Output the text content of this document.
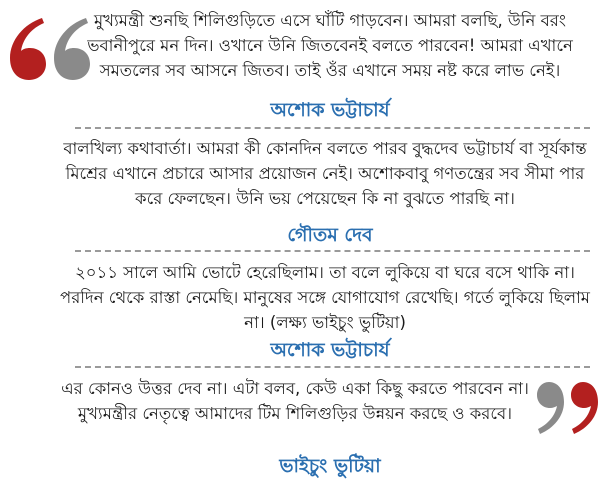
মুখ্যমন্ত্রী শুনছি শিলিগুড়িতে এসে ঘাঁটি গাড়বেন। আমরা বলছি, উনি বরং ভবানীপুরে মন দিন। ওখানে উনি জিতবেনই বলতে পারবেন! আমরা এখানে সমতলের সব আসনে জিতব। তাই ওঁর এখানে সময় নষ্ট করে লাভ নেই।

অশোক ভট্টাচার্য

বালখিল্য কথাবার্তা। আমরা কী কোনদিন বলতে পারব বুদ্ধদেব ভট্টাচার্য বা সূর্যকান্ত মিশ্রের এখানে প্রচারে আসার প্রয়োজন নেই। অশোকবাবু গণতন্ত্রের সব সীমা পার করে ফেলছেন। উনি ভয় পেয়েছেন কি না বুঝতে পারছি না।

গৌতম দেব

২০১১ সালে আমি ভোটে হেরেছিলাম। তা বলে লুকিয়ে বা ঘরে বসে থাকি না। পরদিন থেকে রাস্তা নেমেছি। মানুষের সঙ্গে যোগাযোগ রেখেছি। গর্তে লুকিয়ে ছিলাম না। (লক্ষ্য ভাইচুং ভুটিয়া)

অশোক ভট্টাচার্য

এর কোনও উত্তর দেব না। এটা বলব, কেউ একা কিছু করতে পারবেন না। মুখ্যমন্ত্রীর নেতৃত্বে আমাদের টিম শিলিগুড়ির উন্নয়ন করছে ও করবে।

ভাইচুং ভুটিয়া
